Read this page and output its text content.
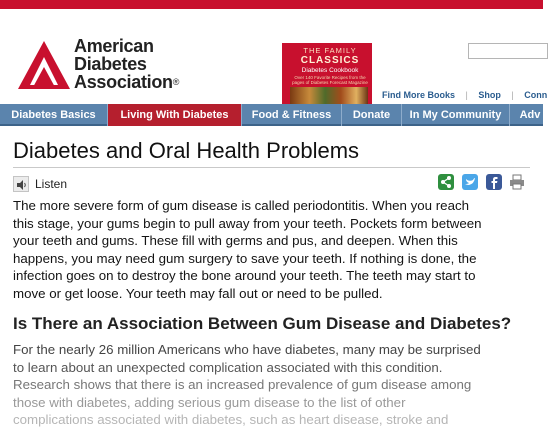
American
Diabetes
Association®
THE FAMILY
CLASSICS
Diabetes Cookbook
Over 140 Favorite Recipes from the pages of Diabetes Forecast Magazine
Find More Books | Shop | Conn
Diabetes Basics	Living With Diabetes	Food & Fitness	Donate	In My Community	Adv
Diabetes and Oral Health Problems
Listen
The more severe form of gum disease is called periodontitis. When you reach
this stage, your gums begin to pull away from your teeth. Pockets form between
your teeth and gums. These fill with germs and pus, and deepen. When this
happens, you may need gum surgery to save your teeth. If nothing is done, the
infection goes on to destroy the bone around your teeth. The teeth may start to
move or get loose. Your teeth may fall out or need to be pulled.
Is There an Association Between Gum Disease and Diabetes?
For the nearly 26 million Americans who have diabetes, many may be surprised
to learn about an unexpected complication associated with this condition.
Research shows that there is an increased prevalence of gum disease among
those with diabetes, adding serious gum disease to the list of other
complications associated with diabetes, such as heart disease, stroke and
